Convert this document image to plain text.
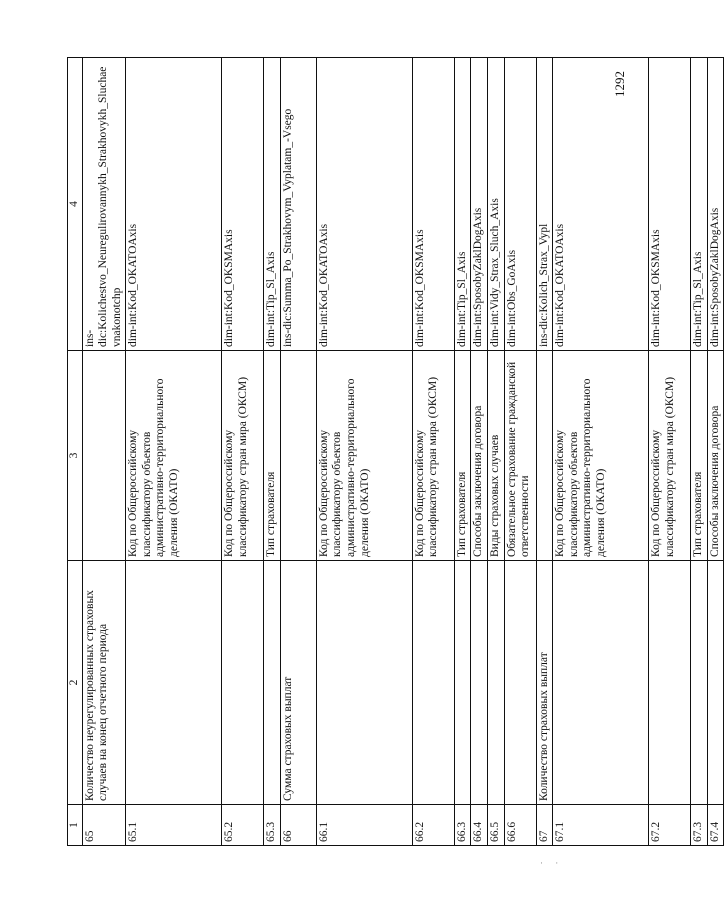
1292
· ·
1	2	3	4
65	Количество неурегулированных страховых случаев на конец отчетного периода		ins-dic:Kolichestvo_Neuregulirovannykh_Strakhovykh_Sluchaevnakonotchp
65.1		Код по Общероссийскому классификатору объектов административно-территориального деления (ОКАТО)	dim-int:Kod_OKATOAxis
65.2		Код по Общероссийскому классификатору стран мира (ОКСМ)	dim-int:Kod_OKSMAxis
65.3		Тип страхователя	dim-int:Tip_Sl_Axis
66	Сумма страховых выплат		ins-dic:Summa_Po_Strakhovym_Vyplatam_-Vsego
66.1		Код по Общероссийскому классификатору объектов административно-территориального деления (ОКАТО)	dim-int:Kod_OKATOAxis
66.2		Код по Общероссийскому классификатору стран мира (ОКСМ)	dim-int:Kod_OKSMAxis
66.3		Тип страхователя	dim-int:Tip_Sl_Axis
66.4		Способы заключения договора	dim-int:SposobyZaklDogAxis
66.5		Виды страховых случаев	dim-int:Vidy_Strax_Sluch_Axis
66.6		Обязательное страхование гражданской ответственности	dim-int:Obs_GoAxis
67	Количество страховых выплат		ins-dic:Kolich_Strax_Vypl
67.1		Код по Общероссийскому классификатору объектов административно-территориального деления (ОКАТО)	dim-int:Kod_OKATOAxis
67.2		Код по Общероссийскому классификатору стран мира (ОКСМ)	dim-int:Kod_OKSMAxis
67.3		Тип страхователя	dim-int:Tip_Sl_Axis
67.4		Способы заключения договора	dim-int:SposobyZaklDogAxis
